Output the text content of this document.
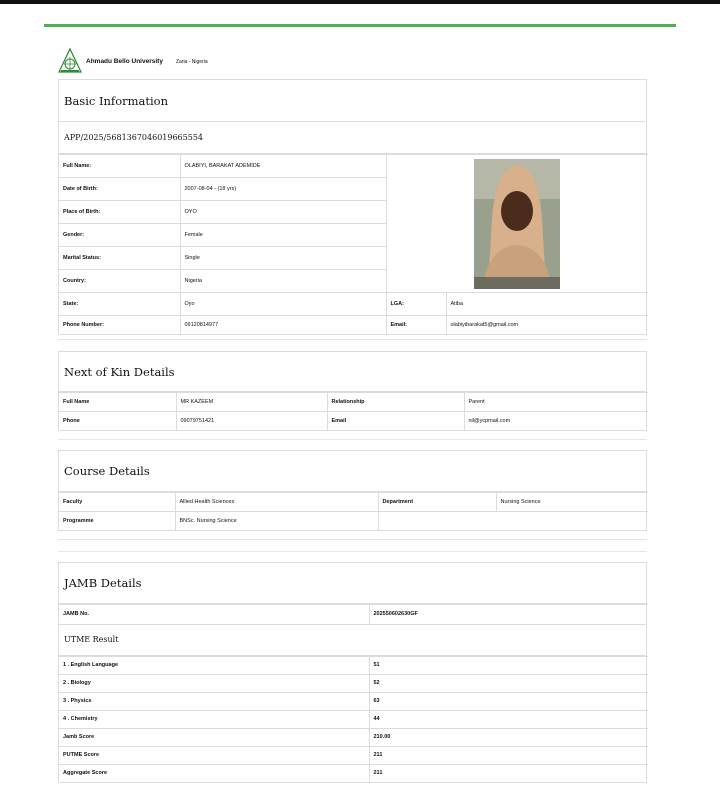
Ahmadu Bello University	Zaria - Nigeria
Basic Information
APP/2025/5681367046019665554
Full Name:	OLABIYI, BARAKAT ADEMIDE	

Date of Birth:	2007-08-04 - (18 yrs)		
Place of Birth:	OYO		
Gender:	Female		
Marital Status:	Single		
Country:	Nigeria		
State:	Oyo	LGA:	Atiba
Phone Number:	09120814977	Email:	olabiyibarakat5@gmail.com
Next of Kin Details
Full Name	MR KAZEEM	Relationship	Parent
Phone	09079751421	Email	nil@ycpmail.com
Course Details
Faculty	Allied Health Sciences	Department	Nursing Science
Programme	BNSc. Nursing Science		
JAMB Details
JAMB No.	202550602630GF
UTME Result
1 . English Language	51
2 . Biology	52
3 . Physics	63
4 . Chemistry	44
Jamb Score	210.00
PUTME Score	211
Aggregate Score	211
